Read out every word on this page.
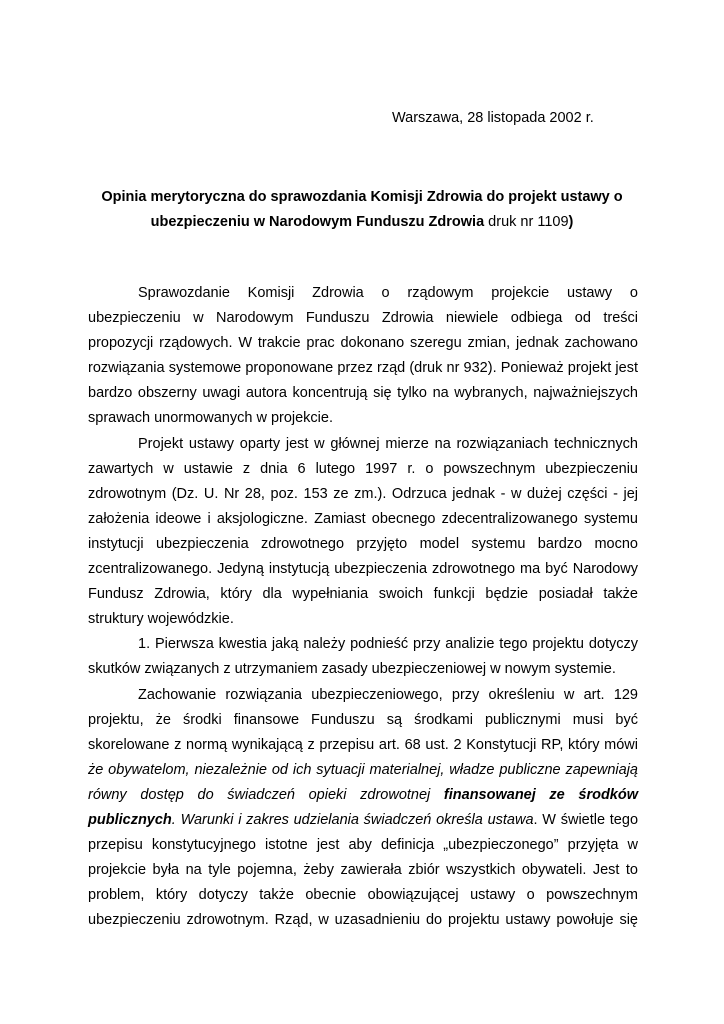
Warszawa, 28 listopada 2002 r.
Opinia merytoryczna do sprawozdania Komisji Zdrowia do projekt ustawy o ubezpieczeniu w Narodowym Funduszu Zdrowia druk nr 1109)

Sprawozdanie Komisji Zdrowia o rządowym projekcie ustawy o ubezpieczeniu w Narodowym Funduszu Zdrowia niewiele odbiega od treści propozycji rządowych. W trakcie prac dokonano szeregu zmian, jednak zachowano rozwiązania systemowe proponowane przez rząd (druk nr 932). Ponieważ projekt jest bardzo obszerny uwagi autora koncentrują się tylko na wybranych, najważniejszych sprawach unormowanych w projekcie.

Projekt ustawy oparty jest w głównej mierze na rozwiązaniach technicznych zawartych w ustawie z dnia 6 lutego 1997 r. o powszechnym ubezpieczeniu zdrowotnym (Dz. U. Nr 28, poz. 153 ze zm.). Odrzuca jednak - w dużej części - jej założenia ideowe i aksjologiczne. Zamiast obecnego zdecentralizowanego systemu instytucji ubezpieczenia zdrowotnego przyjęto model systemu bardzo mocno zcentralizowanego. Jedyną instytucją ubezpieczenia zdrowotnego ma być Narodowy Fundusz Zdrowia, który dla wypełniania swoich funkcji będzie posiadał także struktury wojewódzkie.

1. Pierwsza kwestia jaką należy podnieść przy analizie tego projektu dotyczy skutków związanych z utrzymaniem zasady ubezpieczeniowej w nowym systemie.

Zachowanie rozwiązania ubezpieczeniowego, przy określeniu w art. 129 projektu, że środki finansowe Funduszu są środkami publicznymi musi być skorelowane z normą wynikającą z przepisu art. 68 ust. 2 Konstytucji RP, który mówi że obywatelom, niezależnie od ich sytuacji materialnej, władze publiczne zapewniają równy dostęp do świadczeń opieki zdrowotnej finansowanej ze środków publicznych. Warunki i zakres udzielania świadczeń określa ustawa. W świetle tego przepisu konstytucyjnego istotne jest aby definicja „ubezpieczonego” przyjęta w projekcie była na tyle pojemna, żeby zawierała zbiór wszystkich obywateli. Jest to problem, który dotyczy także obecnie obowiązującej ustawy o powszechnym ubezpieczeniu zdrowotnym. Rząd, w uzasadnieniu do projektu ustawy powołuje się
